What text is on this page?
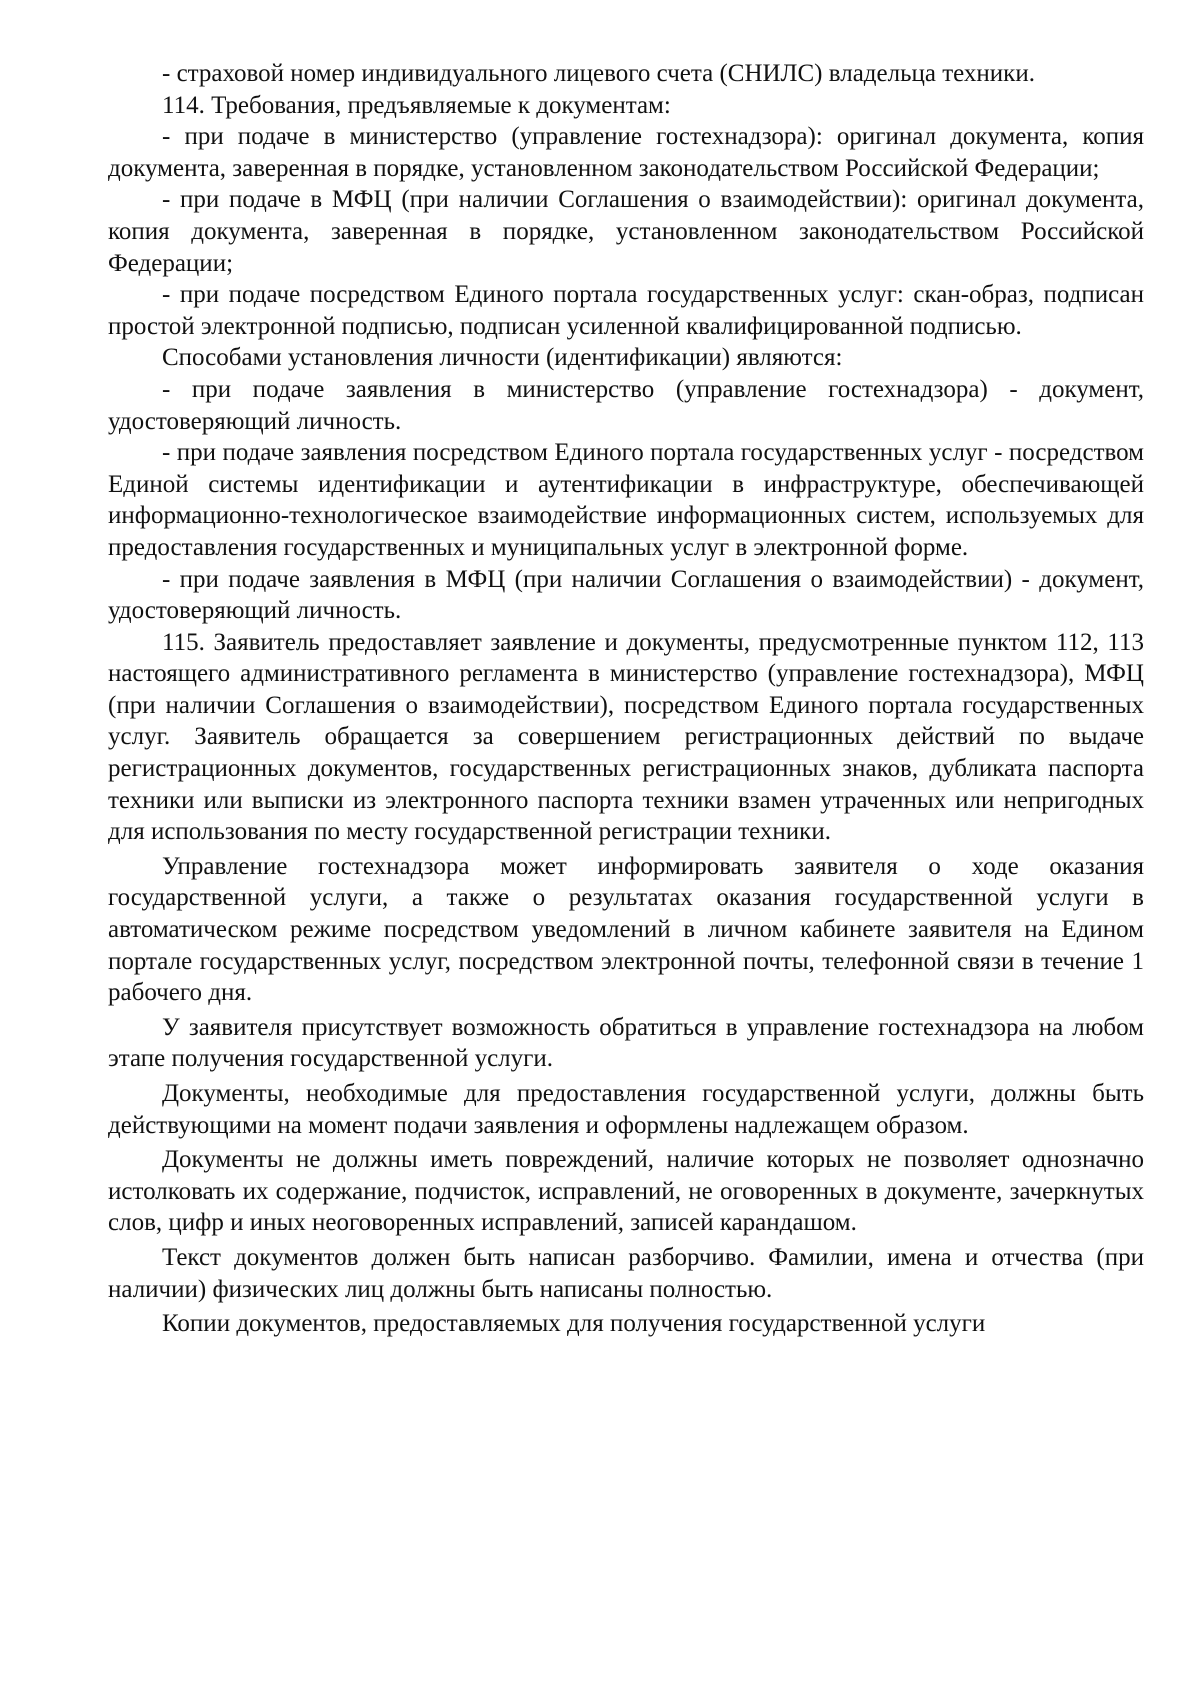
- страховой номер индивидуального лицевого счета (СНИЛС) владельца техники.

114. Требования, предъявляемые к документам:

- при подаче в министерство (управление гостехнадзора): оригинал документа, копия документа, заверенная в порядке, установленном законодательством Российской Федерации;

- при подаче в МФЦ (при наличии Соглашения о взаимодействии): оригинал документа, копия документа, заверенная в порядке, установленном законодательством Российской Федерации;

- при подаче посредством Единого портала государственных услуг: скан-образ, подписан простой электронной подписью, подписан усиленной квалифицированной подписью.

Способами установления личности (идентификации) являются:

- при подаче заявления в министерство (управление гостехнадзора) - документ, удостоверяющий личность.

- при подаче заявления посредством Единого портала государственных услуг - посредством Единой системы идентификации и аутентификации в инфраструктуре, обеспечивающей информационно-технологическое взаимодействие информационных систем, используемых для предоставления государственных и муниципальных услуг в электронной форме.

- при подаче заявления в МФЦ (при наличии Соглашения о взаимодействии) - документ, удостоверяющий личность.

115. Заявитель предоставляет заявление и документы, предусмотренные пунктом 112, 113 настоящего административного регламента в министерство (управление гостехнадзора), МФЦ (при наличии Соглашения о взаимодействии), посредством Единого портала государственных услуг. Заявитель обращается за совершением регистрационных действий по выдаче регистрационных документов, государственных регистрационных знаков, дубликата паспорта техники или выписки из электронного паспорта техники взамен утраченных или непригодных для использования по месту государственной регистрации техники.

Управление гостехнадзора может информировать заявителя о ходе оказания государственной услуги, а также о результатах оказания государственной услуги в автоматическом режиме посредством уведомлений в личном кабинете заявителя на Едином портале государственных услуг, посредством электронной почты, телефонной связи в течение 1 рабочего дня.

У заявителя присутствует возможность обратиться в управление гостехнадзора на любом этапе получения государственной услуги.

Документы, необходимые для предоставления государственной услуги, должны быть действующими на момент подачи заявления и оформлены надлежащем образом.

Документы не должны иметь повреждений, наличие которых не позволяет однозначно истолковать их содержание, подчисток, исправлений, не оговоренных в документе, зачеркнутых слов, цифр и иных неоговоренных исправлений, записей карандашом.

Текст документов должен быть написан разборчиво. Фамилии, имена и отчества (при наличии) физических лиц должны быть написаны полностью.

Копии документов, предоставляемых для получения государственной услуги
